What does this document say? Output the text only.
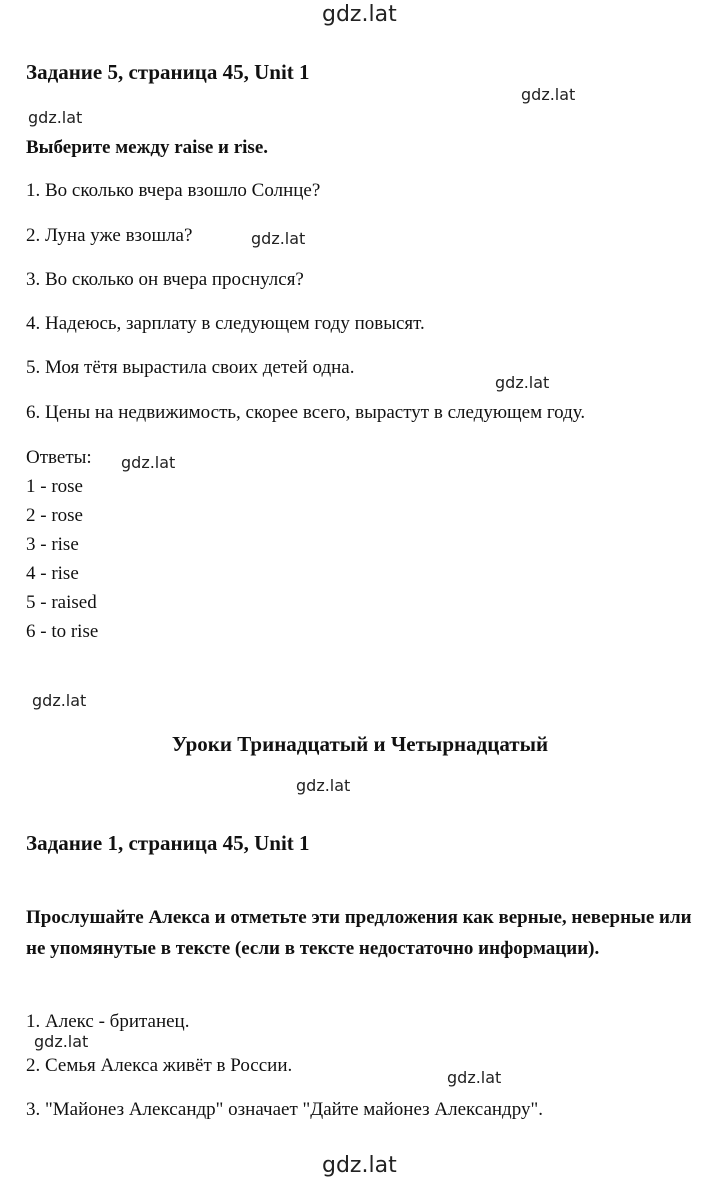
gdz.lat
gdz.lat
gdz.lat
gdz.lat
gdz.lat
gdz.lat
gdz.lat
gdz.lat
gdz.lat
gdz.lat
gdz.lat
Задание 5, страница 45, Unit 1
Выберите между raise и rise.
1. Во сколько вчера взошло Солнце?
2. Луна уже взошла?
3. Во сколько он вчера проснулся?
4. Надеюсь, зарплату в следующем году повысят.
5. Моя тётя вырастила своих детей одна.
6. Цены на недвижимость, скорее всего, вырастут в следующем году.
Ответы:
1 - rose
2 - rose
3 - rise
4 - rise
5 - raised
6 - to rise
Уроки Тринадцатый и Четырнадцатый
Задание 1, страница 45, Unit 1
Прослушайте Алекса и отметьте эти предложения как верные, неверные или не упомянутые в тексте (если в тексте недостаточно информации).
1. Алекс - британец.
2. Семья Алекса живёт в России.
3. "Майонез Александр" означает "Дайте майонез Александру".
